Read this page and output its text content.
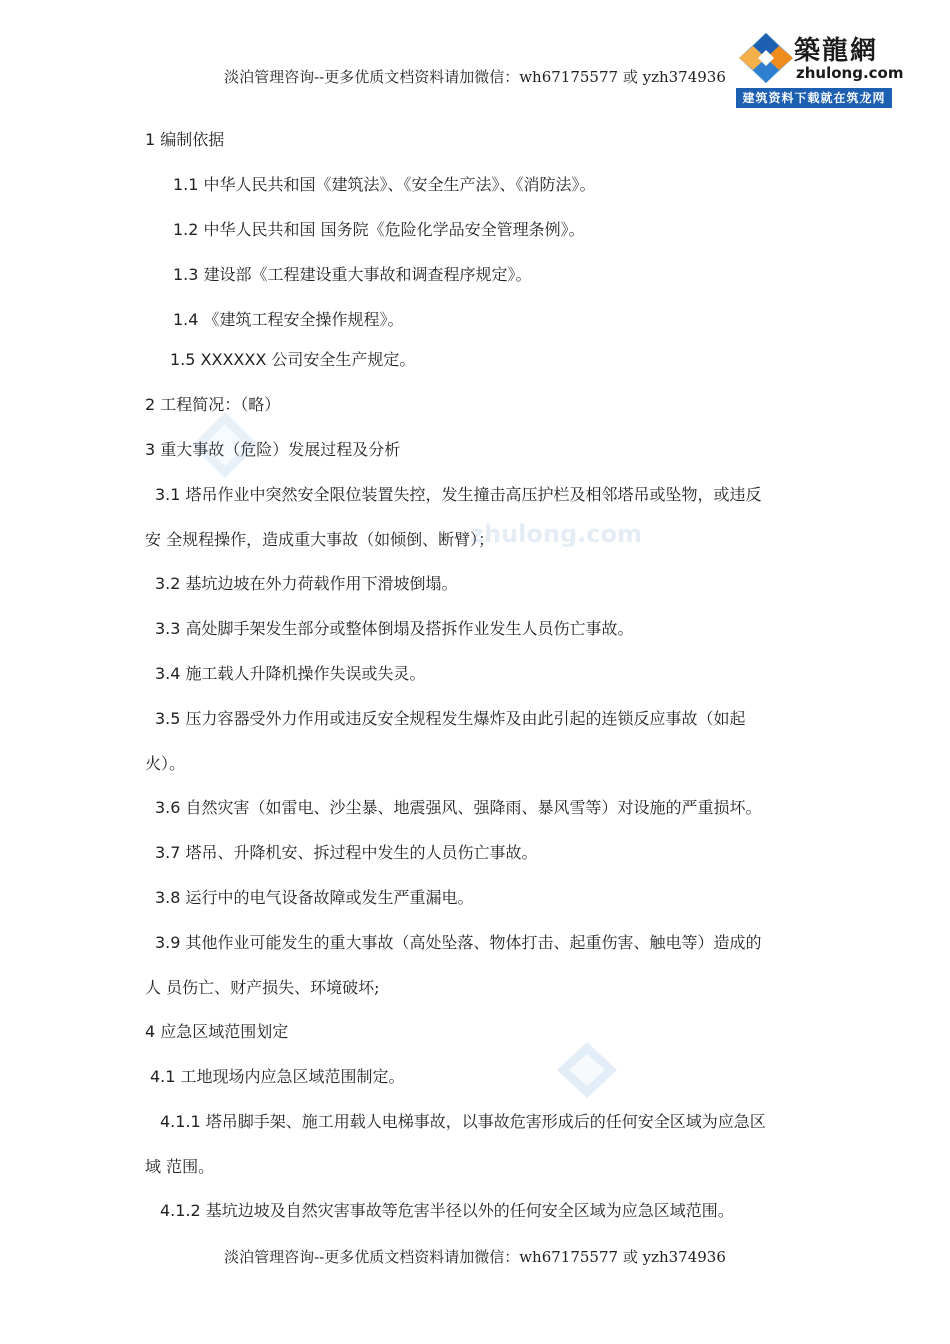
zhulong.com
淡泊管理咨询--更多优质文档资料请加微信：wh67175577 或 yzh374936
築龍網
zhulong.com
建筑资料下载就在筑龙网
1 编制依据
1.1 中华人民共和国《建筑法》、《安全生产法》、《消防法》。
1.2 中华人民共和国 国务院《危险化学品安全管理条例》。
1.3 建设部《工程建设重大事故和调查程序规定》。
1.4 《建筑工程安全操作规程》。
1.5 XXXXXX 公司安全生产规定。
2 工程简况：（略）
3 重大事故（危险）发展过程及分析
3.1 塔吊作业中突然安全限位装置失控，发生撞击高压护栏及相邻塔吊或坠物，或违反
安 全规程操作，造成重大事故（如倾倒、断臂）；
3.2 基坑边坡在外力荷载作用下滑坡倒塌。
3.3 高处脚手架发生部分或整体倒塌及搭拆作业发生人员伤亡事故。
3.4 施工载人升降机操作失误或失灵。
3.5 压力容器受外力作用或违反安全规程发生爆炸及由此引起的连锁反应事故（如起
火）。
3.6 自然灾害（如雷电、沙尘暴、地震强风、强降雨、暴风雪等）对设施的严重损坏。
3.7 塔吊、升降机安、拆过程中发生的人员伤亡事故。
3.8 运行中的电气设备故障或发生严重漏电。
3.9 其他作业可能发生的重大事故（高处坠落、物体打击、起重伤害、触电等）造成的
人 员伤亡、财产损失、环境破坏;
4 应急区域范围划定
4.1 工地现场内应急区域范围制定。
4.1.1 塔吊脚手架、施工用载人电梯事故，以事故危害形成后的任何安全区域为应急区
域 范围。
4.1.2 基坑边坡及自然灾害事故等危害半径以外的任何安全区域为应急区域范围。
淡泊管理咨询--更多优质文档资料请加微信：wh67175577 或 yzh374936
